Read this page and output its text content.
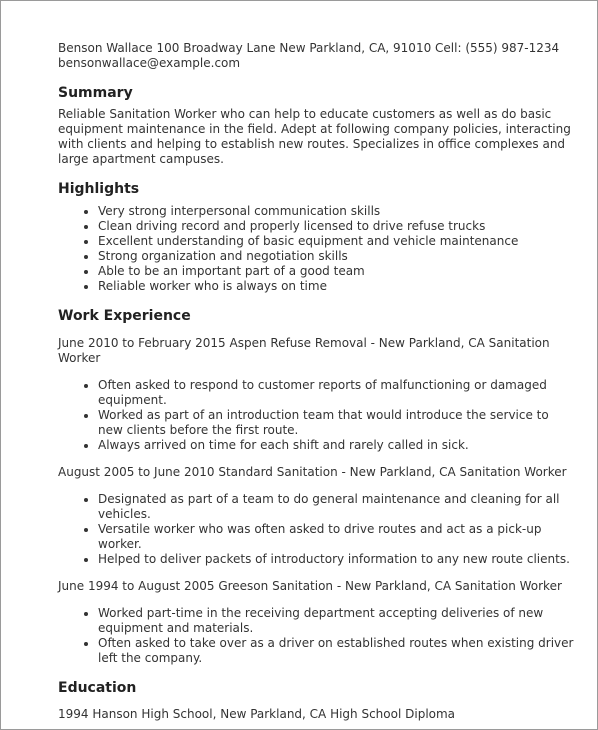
Benson Wallace 100 Broadway Lane New Parkland, CA, 91010 Cell: (555) 987-1234

bensonwallace@example.com

Summary

Reliable Sanitation Worker who can help to educate customers as well as do basic equipment maintenance in the field. Adept at following company policies, interacting with clients and helping to establish new routes. Specializes in office complexes and large apartment campuses.

Highlights
• Very strong interpersonal communication skills
• Clean driving record and properly licensed to drive refuse trucks
• Excellent understanding of basic equipment and vehicle maintenance
• Strong organization and negotiation skills
• Able to be an important part of a good team
• Reliable worker who is always on time
Work Experience

June 2010 to February 2015 Aspen Refuse Removal - New Parkland, CA Sanitation Worker

• Often asked to respond to customer reports of malfunctioning or damaged equipment.
• Worked as part of an introduction team that would introduce the service to new clients before the first route.
• Always arrived on time for each shift and rarely called in sick.

August 2005 to June 2010 Standard Sanitation - New Parkland, CA Sanitation Worker

• Designated as part of a team to do general maintenance and cleaning for all vehicles.
• Versatile worker who was often asked to drive routes and act as a pick-up worker.
• Helped to deliver packets of introductory information to any new route clients.

June 1994 to August 2005 Greeson Sanitation - New Parkland, CA Sanitation Worker

• Worked part-time in the receiving department accepting deliveries of new equipment and materials.
• Often asked to take over as a driver on established routes when existing driver left the company.
Education

1994 Hanson High School, New Parkland, CA High School Diploma
